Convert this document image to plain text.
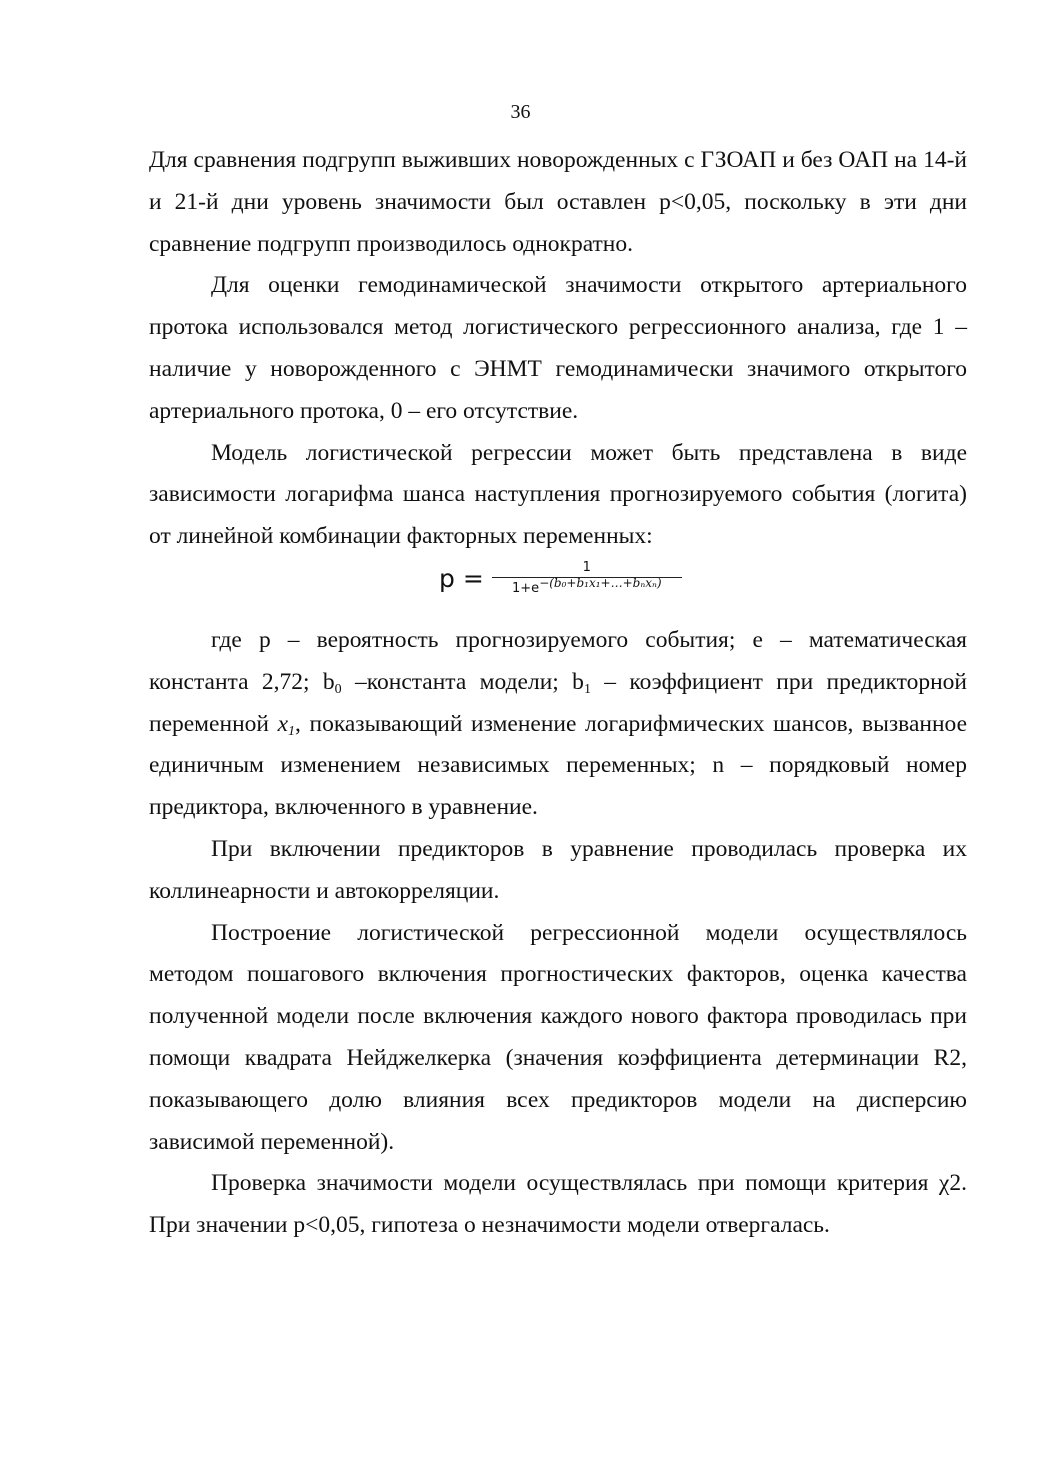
36

Для сравнения подгрупп выживших новорожденных с ГЗОАП и без ОАП на 14-й и 21-й дни уровень значимости был оставлен p<0,05, поскольку в эти дни сравнение подгрупп производилось однократно.

Для оценки гемодинамической значимости открытого артериального протока использовался метод логистического регрессионного анализа, где 1 – наличие у новорожденного с ЭНМТ гемодинамически значимого открытого артериального протока, 0 – его отсутствие.

Модель логистической регрессии может быть представлена в виде зависимости логарифма шанса наступления прогнозируемого события (логита) от линейной комбинации факторных переменных:

$p = \frac{1}{\text{1+e−(b₀+b₁x₁+…+bₙxₙ)}}$

где р – вероятность прогнозируемого события; е – математическая константа 2,72; $b_0$ –константа модели; $b_1$ – коэффициент при предикторной переменной $x_1$, показывающий изменение логарифмических шансов, вызванное единичным изменением независимых переменных; n – порядковый номер предиктора, включенного в уравнение.

При включении предикторов в уравнение проводилась проверка их коллинеарности и автокорреляции.

Построение логистической регрессионной модели осуществлялось методом пошагового включения прогностических факторов, оценка качества полученной модели после включения каждого нового фактора проводилась при помощи квадрата Нейджелкерка (значения коэффициента детерминации R2, показывающего долю влияния всех предикторов модели на дисперсию зависимой переменной).

Проверка значимости модели осуществлялась при помощи критерия χ2. При значении p<0,05, гипотеза о незначимости модели отвергалась.
